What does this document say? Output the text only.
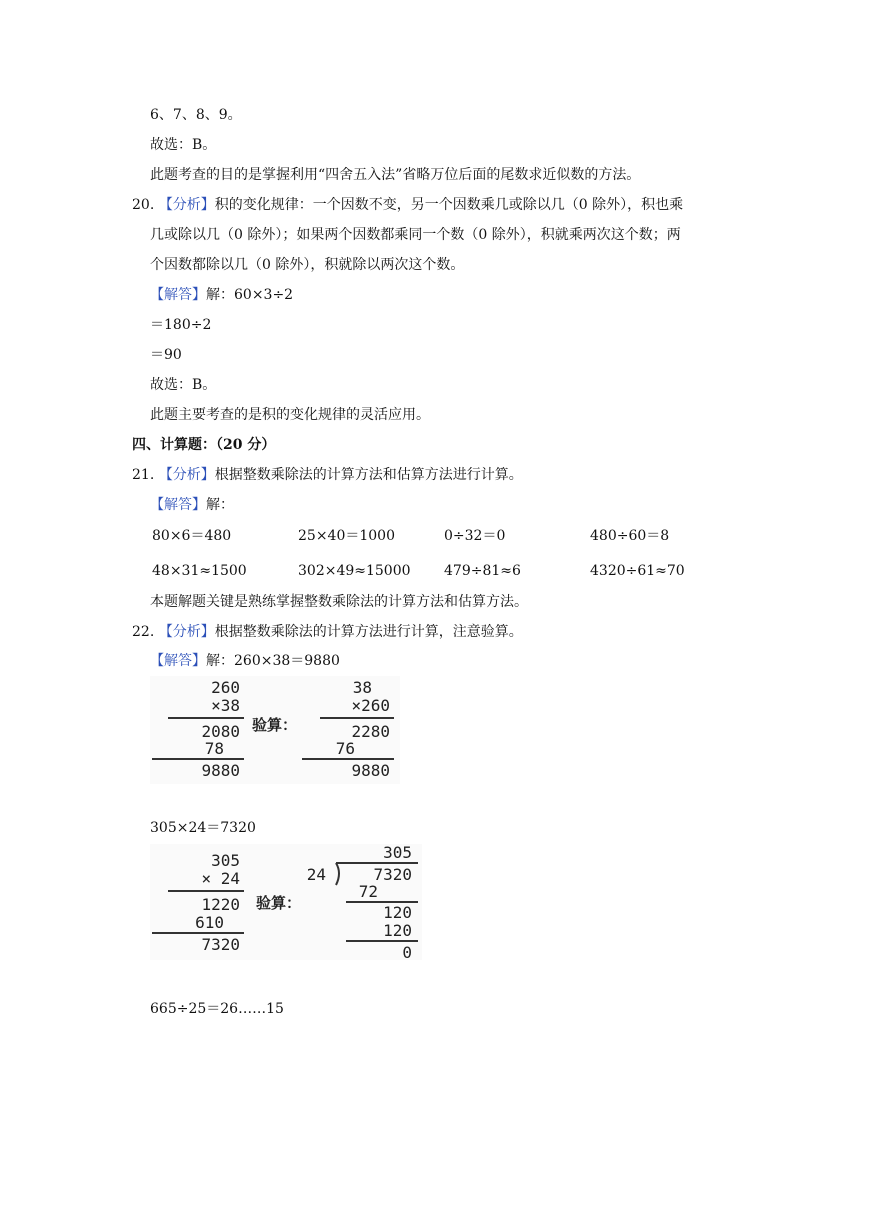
6、7、8、9。
故选：B。
此题考查的目的是掌握利用“四舍五入法”省略万位后面的尾数求近似数的方法。
20. 【分析】积的变化规律：一个因数不变，另一个因数乘几或除以几（0 除外），积也乘
几或除以几（0 除外）；如果两个因数都乘同一个数（0 除外），积就乘两次这个数；两
个因数都除以几（0 除外），积就除以两次这个数。
【解答】解：60×3÷2
＝180÷2
＝90
故选：B。
此题主要考查的是积的变化规律的灵活应用。
四、计算题：（20 分）
21. 【分析】根据整数乘除法的计算方法和估算方法进行计算。
【解答】解：
80×6＝480	25×40＝1000	0÷32＝0	480÷60＝8
48×31≈1500	302×49≈15000 479÷81≈6	4320÷61≈70
本题解题关键是熟练掌握整数乘除法的计算方法和估算方法。
22. 【分析】根据整数乘除法的计算方法进行计算，注意验算。
【解答】解：260×38＝9880
260
×38
2080
78
9880
验算：
38
×260
2280
76
9880
305×24＝7320
305
× 24
1220
610
7320
验算：
305
24	7320
72
120
120
0
665÷25＝26……15
